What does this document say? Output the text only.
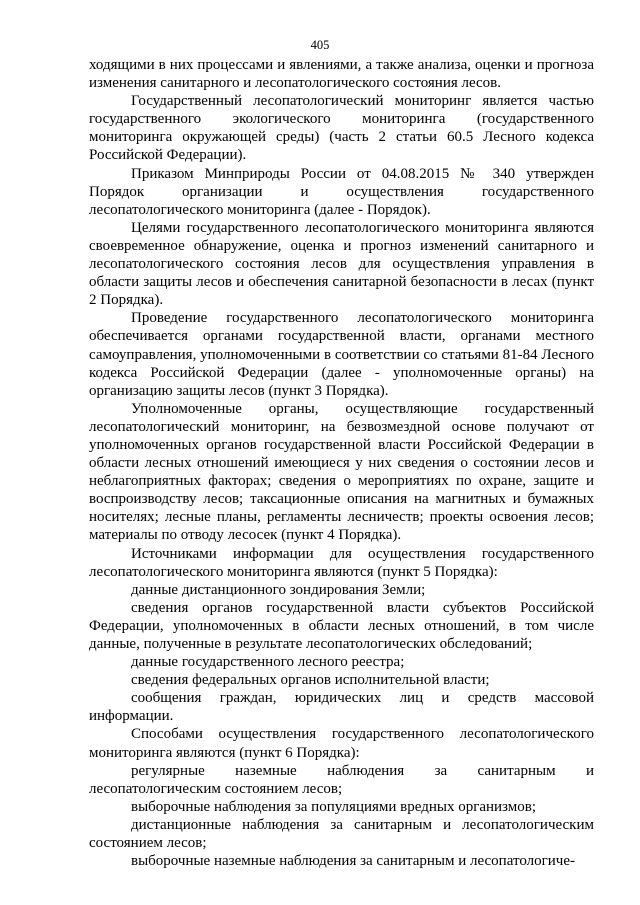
405

ходящими в них процессами и явлениями, а также анализа, оценки и прогноза изменения санитарного и лесопатологического состояния лесов.

Государственный лесопатологический мониторинг является частью государственного экологического мониторинга (государственного мониторинга окружающей среды) (часть 2 статьи 60.5 Лесного кодекса Российской Федерации).

Приказом Минприроды России от 04.08.2015 № 340 утвержден Порядок организации и осуществления государственного лесопатологического мониторинга (далее - Порядок).

Целями государственного лесопатологического мониторинга являются своевременное обнаружение, оценка и прогноз изменений санитарного и лесопатологического состояния лесов для осуществления управления в области защиты лесов и обеспечения санитарной безопасности в лесах (пункт 2 Порядка).

Проведение государственного лесопатологического мониторинга обеспечивается органами государственной власти, органами местного самоуправления, уполномоченными в соответствии со статьями 81-84 Лесного кодекса Российской Федерации (далее - уполномоченные органы) на организацию защиты лесов (пункт 3 Порядка).

Уполномоченные органы, осуществляющие государственный лесопатологический мониторинг, на безвозмездной основе получают от уполномоченных органов государственной власти Российской Федерации в области лесных отношений имеющиеся у них сведения о состоянии лесов и неблагоприятных факторах; сведения о мероприятиях по охране, защите и воспроизводству лесов; таксационные описания на магнитных и бумажных носителях; лесные планы, регламенты лесничеств; проекты освоения лесов; материалы по отводу лесосек (пункт 4 Порядка).

Источниками информации для осуществления государственного лесопатологического мониторинга являются (пункт 5 Порядка):

данные дистанционного зондирования Земли;

сведения органов государственной власти субъектов Российской Федерации, уполномоченных в области лесных отношений, в том числе данные, полученные в результате лесопатологических обследований;

данные государственного лесного реестра;

сведения федеральных органов исполнительной власти;

сообщения граждан, юридических лиц и средств массовой информации.

Способами осуществления государственного лесопатологического мониторинга являются (пункт 6 Порядка):

регулярные наземные наблюдения за санитарным и лесопатологическим состоянием лесов;

выборочные наблюдения за популяциями вредных организмов;

дистанционные наблюдения за санитарным и лесопатологическим состоянием лесов;

выборочные наземные наблюдения за санитарным и лесопатологиче-
